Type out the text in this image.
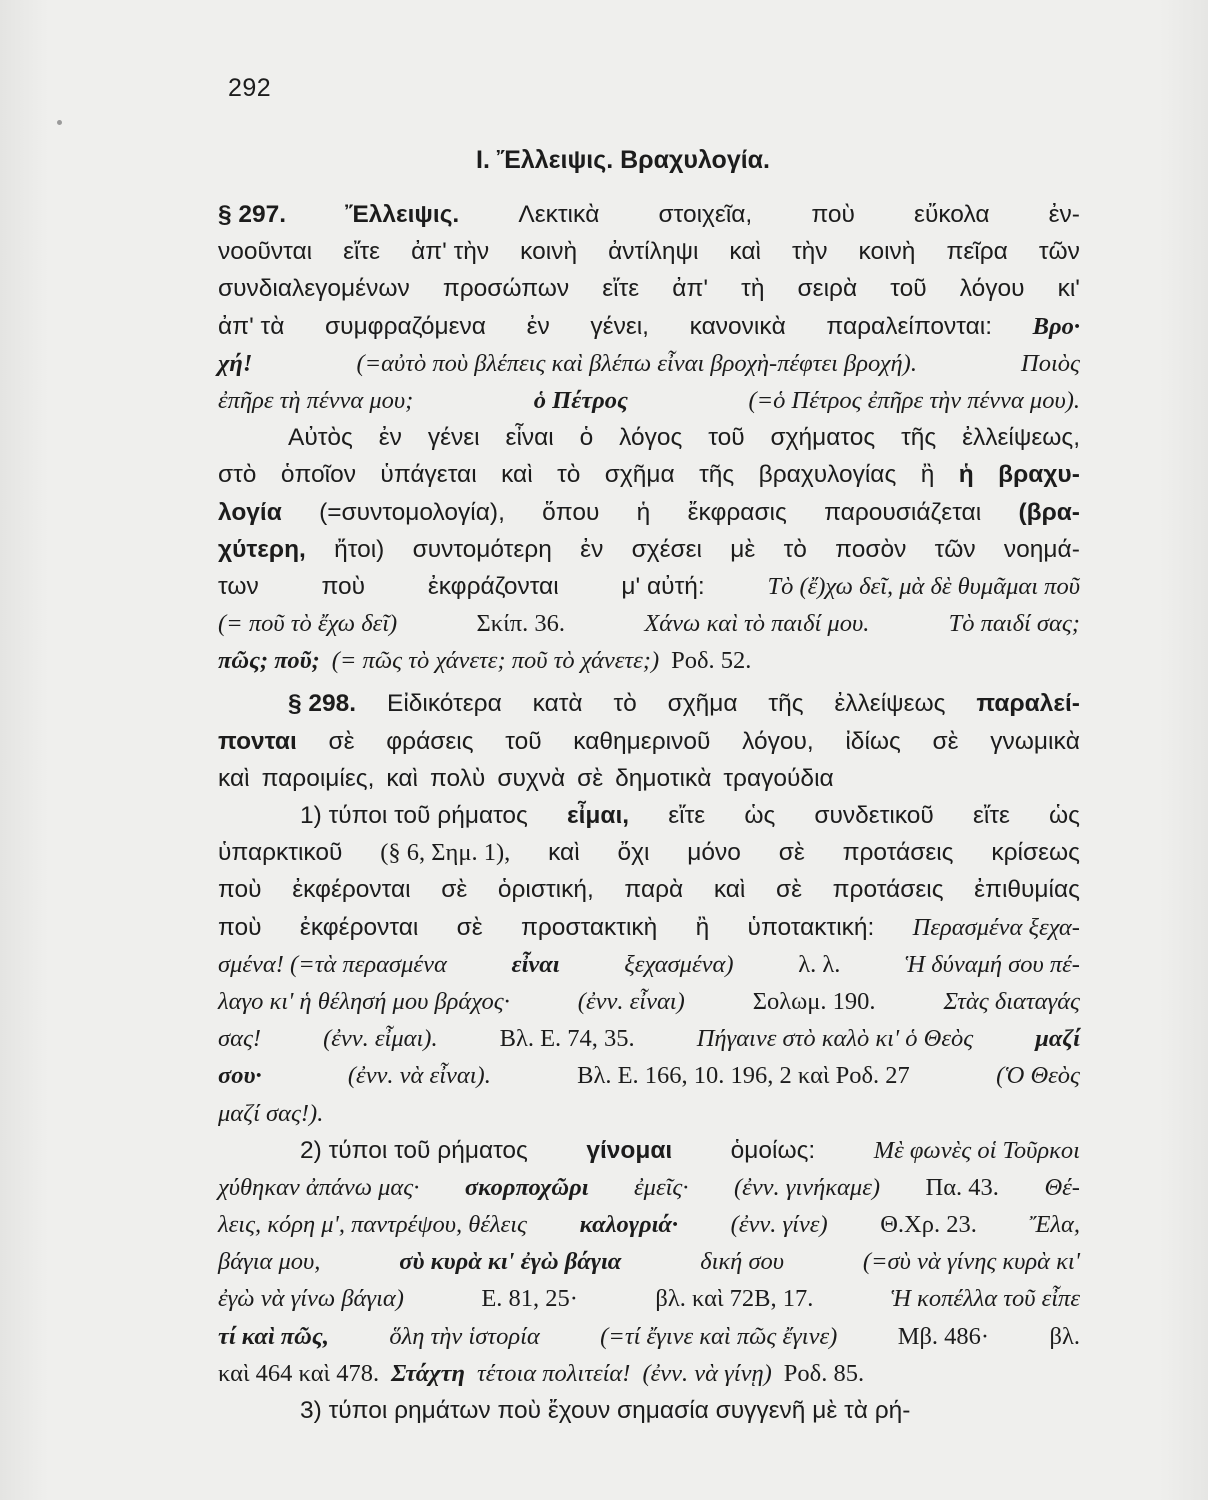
292
I. Ἔλλειψις. Βραχυλογία.
§ 297. Ἔλλειψις. Λεκτικὰ στοιχεῖα, ποὺ εὔκολα ἐν-
νοοῦνται εἴτε ἀπ' τὴν κοινὴ ἀντίληψι καὶ τὴν κοινὴ πεῖρα τῶν
συνδιαλεγομένων προσώπων εἴτε ἀπ' τὴ σειρὰ τοῦ λόγου κι'
ἀπ' τὰ συμφραζόμενα ἐν γένει, κανονικὰ παραλείπονται: Βρο·
χή!	(=αὐτὸ ποὺ βλέπεις καὶ βλέπω εἶναι βροχὴ-πέφτει βροχή).	Ποιὸς
ἐπῆρε τὴ πέννα μου;	ὁ Πέτρος	(=ὁ Πέτρος ἐπῆρε τὴν πέννα μου).
Αὐτὸς ἐν γένει εἶναι ὁ λόγος τοῦ σχήματος τῆς ἐλλείψεως,
στὸ ὁποῖον ὑπάγεται καὶ τὸ σχῆμα τῆς βραχυλογίας ἢ ἡ βραχυ-
λογία (=συντομολογία), ὅπου ἡ ἔκφρασις παρουσιάζεται (βρα-
χύτερη, ἤτοι) συντομότερη ἐν σχέσει μὲ τὸ ποσὸν τῶν νοημά-
των	ποὺ	ἐκφράζονται	μ' αὐτή:	Τὸ (ἔ)χω δεῖ, μὰ δὲ θυμᾶμαι ποῦ
(= ποῦ τὸ ἔχω δεῖ)	Σκίπ. 36.	Χάνω καὶ τὸ παιδί μου.	Τὸ παιδί σας;
πῶς; ποῦ; (= πῶς τὸ χάνετε; ποῦ τὸ χάνετε;) Ροδ. 52.
§ 298. Εἰδικότερα κατὰ τὸ σχῆμα τῆς ἐλλείψεως παραλεί-
πονται σὲ φράσεις τοῦ καθημερινοῦ λόγου, ἰδίως σὲ γνωμικὰ
καὶ παροιμίες, καὶ πολὺ συχνὰ σὲ δημοτικὰ τραγούδια
1) τύποι τοῦ ρήματος εἶμαι, εἴτε ὡς συνδετικοῦ εἴτε ὡς
ὑπαρκτικοῦ (§ 6, Σημ. 1), καὶ ὄχι μόνο σὲ προτάσεις κρίσεως
ποὺ ἐκφέρονται σὲ ὁριστική, παρὰ καὶ σὲ προτάσεις ἐπιθυμίας
ποὺ ἐκφέρονται σὲ προστακτικὴ ἢ ὑποτακτική: Περασμένα ξεχα-
σμένα! (=τὰ περασμένα	εἶναι	ξεχασμένα)	λ. λ.	Ἡ δύναμή σου πέ-
λαγο κι' ἡ θέλησή μου βράχος·	(ἐνν. εἶναι)	Σολωμ. 190.	Στὰς διαταγάς
σας!	(ἐνν. εἶμαι).	Βλ. Ε. 74, 35.	Πήγαινε στὸ καλὸ κι' ὁ Θεὸς	μαζί
σου·	(ἐνν. νὰ εἶναι).	Βλ. Ε. 166, 10. 196, 2 καὶ Ροδ. 27	(Ὁ Θεὸς
μαζί σας!).
2) τύποι τοῦ ρήματος γίνομαι ὁμοίως: Μὲ φωνὲς οἱ Τοῦρκοι
χύθηκαν ἀπάνω μας· σκορποχῶρι ἐμεῖς· (ἐνν. γινήκαμε) Πα. 43. Θέ-
λεις, κόρη μ', παντρέψου, θέλεις καλογριά· (ἐνν. γίνε) Θ.Χρ. 23. Ἔλα,
βάγια μου,	σὺ κυρὰ κι' ἐγὼ βάγια	δική σου	(=σὺ νὰ γίνης κυρὰ κι'
ἐγὼ νὰ γίνω βάγια)	Ε. 81, 25·	βλ. καὶ 72Β, 17.	Ἡ κοπέλλα τοῦ εἶπε
τί καὶ πῶς, ὅλη τὴν ἱστορία (=τί ἔγινε καὶ πῶς ἔγινε) Μβ. 486· βλ.
καὶ 464 καὶ 478. Στάχτη τέτοια πολιτεία! (ἐνν. νὰ γίνῃ) Ροδ. 85.
3) τύποι ρημάτων ποὺ ἔχουν σημασία συγγενῆ μὲ τὰ ρή-
